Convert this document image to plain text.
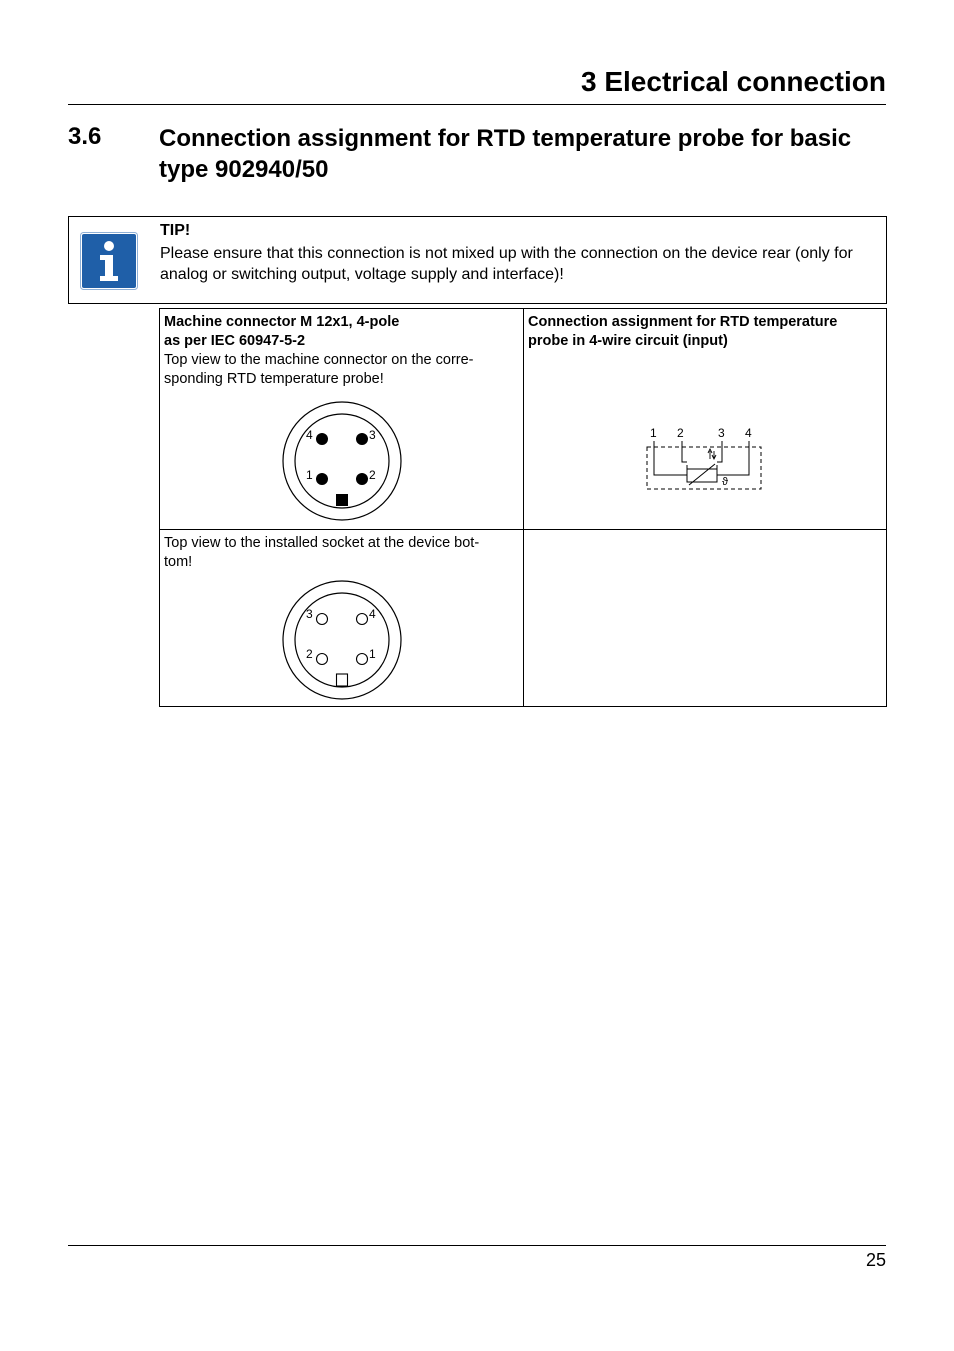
3 Electrical connection
3.6 Connection assignment for RTD temperature probe for basic type 902940/50
TIP!
Please ensure that this connection is not mixed up with the connection on the device rear (only for analog or switching output, voltage supply and interface)!
Machine connector M 12x1, 4-pole
as per IEC 60947-5-2
Top view to the machine connector on the corre-
sponding RTD temperature probe!
4	3
1	2
Connection assignment for RTD temperature
probe in 4-wire circuit (input)
1 2	3 4
ϑ
Top view to the installed socket at the device bot-
tom!
3	4
2	1
25
